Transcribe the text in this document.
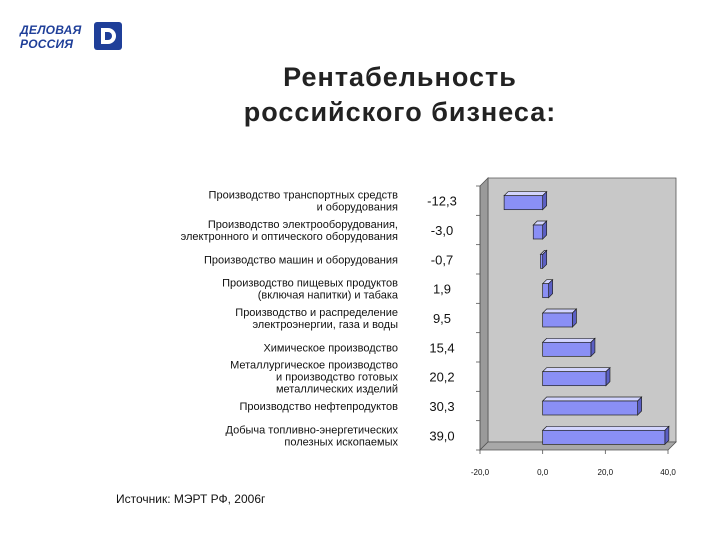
ДЕЛОВАЯ
РОССИЯ
Рентабельность
российского бизнеса:
Производство транспортных средств и оборудования -12,3
Производство электрооборудования, электронного и оптического оборудования	-3,0
Производство машин и оборудования	-0,7
Производство пищевых продуктов (включая напитки) и табака	1,9
Производство и распределение электроэнергии, газа и воды	9,5
Химическое производство 15,4
Металлургическое производство и производство готовых металлических изделий
20,2
Производство нефтепродуктов 30,3
Добыча топливно-энергетических полезных ископаемых 39,0
-20,0	0,0	20,0	40,0
Источник: МЭРТ РФ, 2006г
